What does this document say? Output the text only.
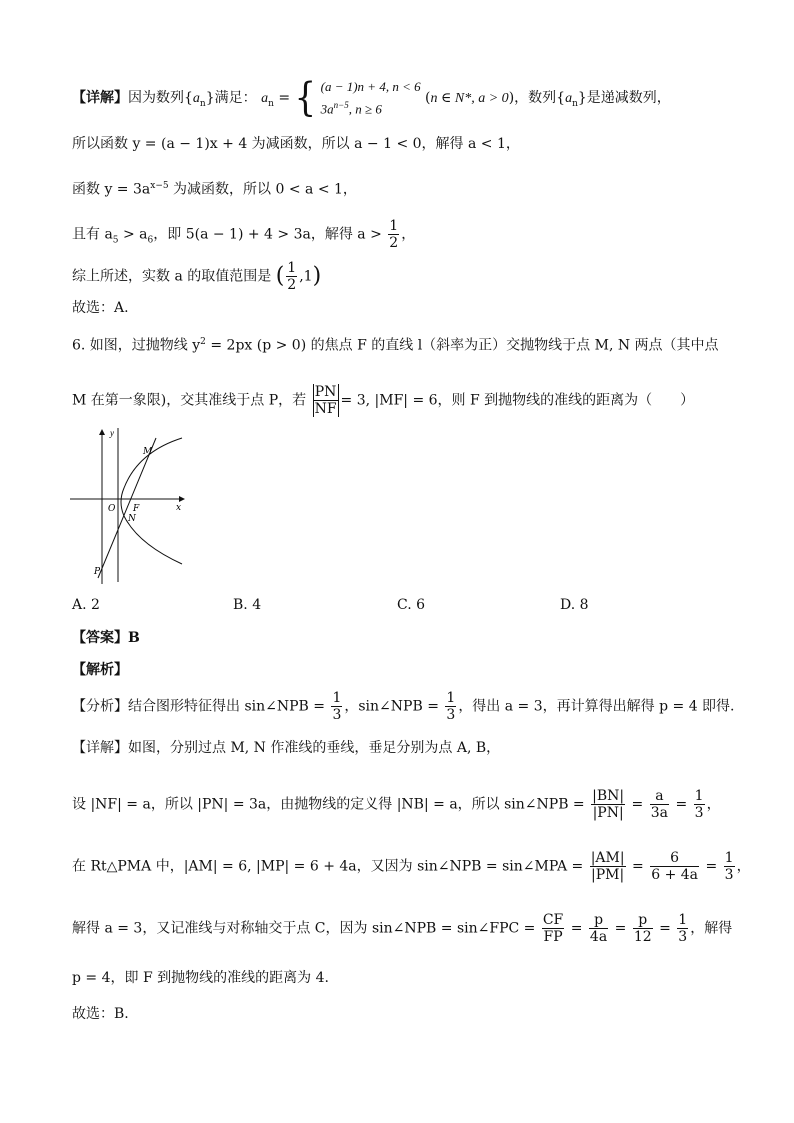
【详解】因为数列$\{a_n\}$满足： $a_n$ = { (a − 1)n + 4, n < 6
$3a^{n-5}$, n ≥ 6 (n ∈ N*, a > 0)，数列$\{a_n\}$是递减数列，
所以函数 y = (a − 1)x + 4 为减函数，所以 a − 1 < 0，解得 a < 1，
函数 $y = 3a^{x-5}$ 为减函数，所以 0 < a < 1，
且有 $a_5 > a_6$，即 5(a − 1) + 4 > 3a，解得 $a > \frac{1}{2}$ ，
综上所述，实数 a 的取值范围是 ( $\frac{1}{2} ,1$)
故选：A.
6. 如图，过抛物线 $y^2 = 2px$ (p > 0) 的焦点 F 的直线 l（斜率为正）交抛物线于点 M, N 两点（其中点
M 在第一象限)，交其准线于点 P，若 $\frac{PN}{NF} = 3$, |MF| = 6，则 F 到抛物线的准线的距离为（　　）
y
x
O F
N
M
P
A. 2	B. 4	C. 6	D. 8
【答案】B
【解析】
【分析】结合图形特征得出 sin∠NPB = $\frac{1}{3}$ ，sin∠NPB = $\frac{1}{3}$ ，得出 a = 3，再计算得出解得 p = 4 即得.
【详解】如图，分别过点 M, N 作准线的垂线，垂足分别为点 A, B，
设 |NF| = a，所以 |PN| = 3a，由抛物线的定义得 |NB| = a，所以 sin∠NPB = $\frac{|BN|}{|PN|} = \frac{a}{3a} = \frac{1}{3}$ ，
在 Rt△PMA 中，|AM| = 6, |MP| = 6 + 4a，又因为 sin∠NPB = sin∠MPA = $\frac{|AM|}{|PM|} = \frac{6}{6 + 4a} = \frac{1}{3}$ ，
解得 a = 3，又记准线与对称轴交于点 C，因为 sin∠NPB = sin∠FPC = $\frac{CF}{FP} = \frac{p}{4a} = \frac{p}{12} = \frac{1}{3}$ ，解得
p = 4，即 F 到抛物线的准线的距离为 4.
故选：B.
